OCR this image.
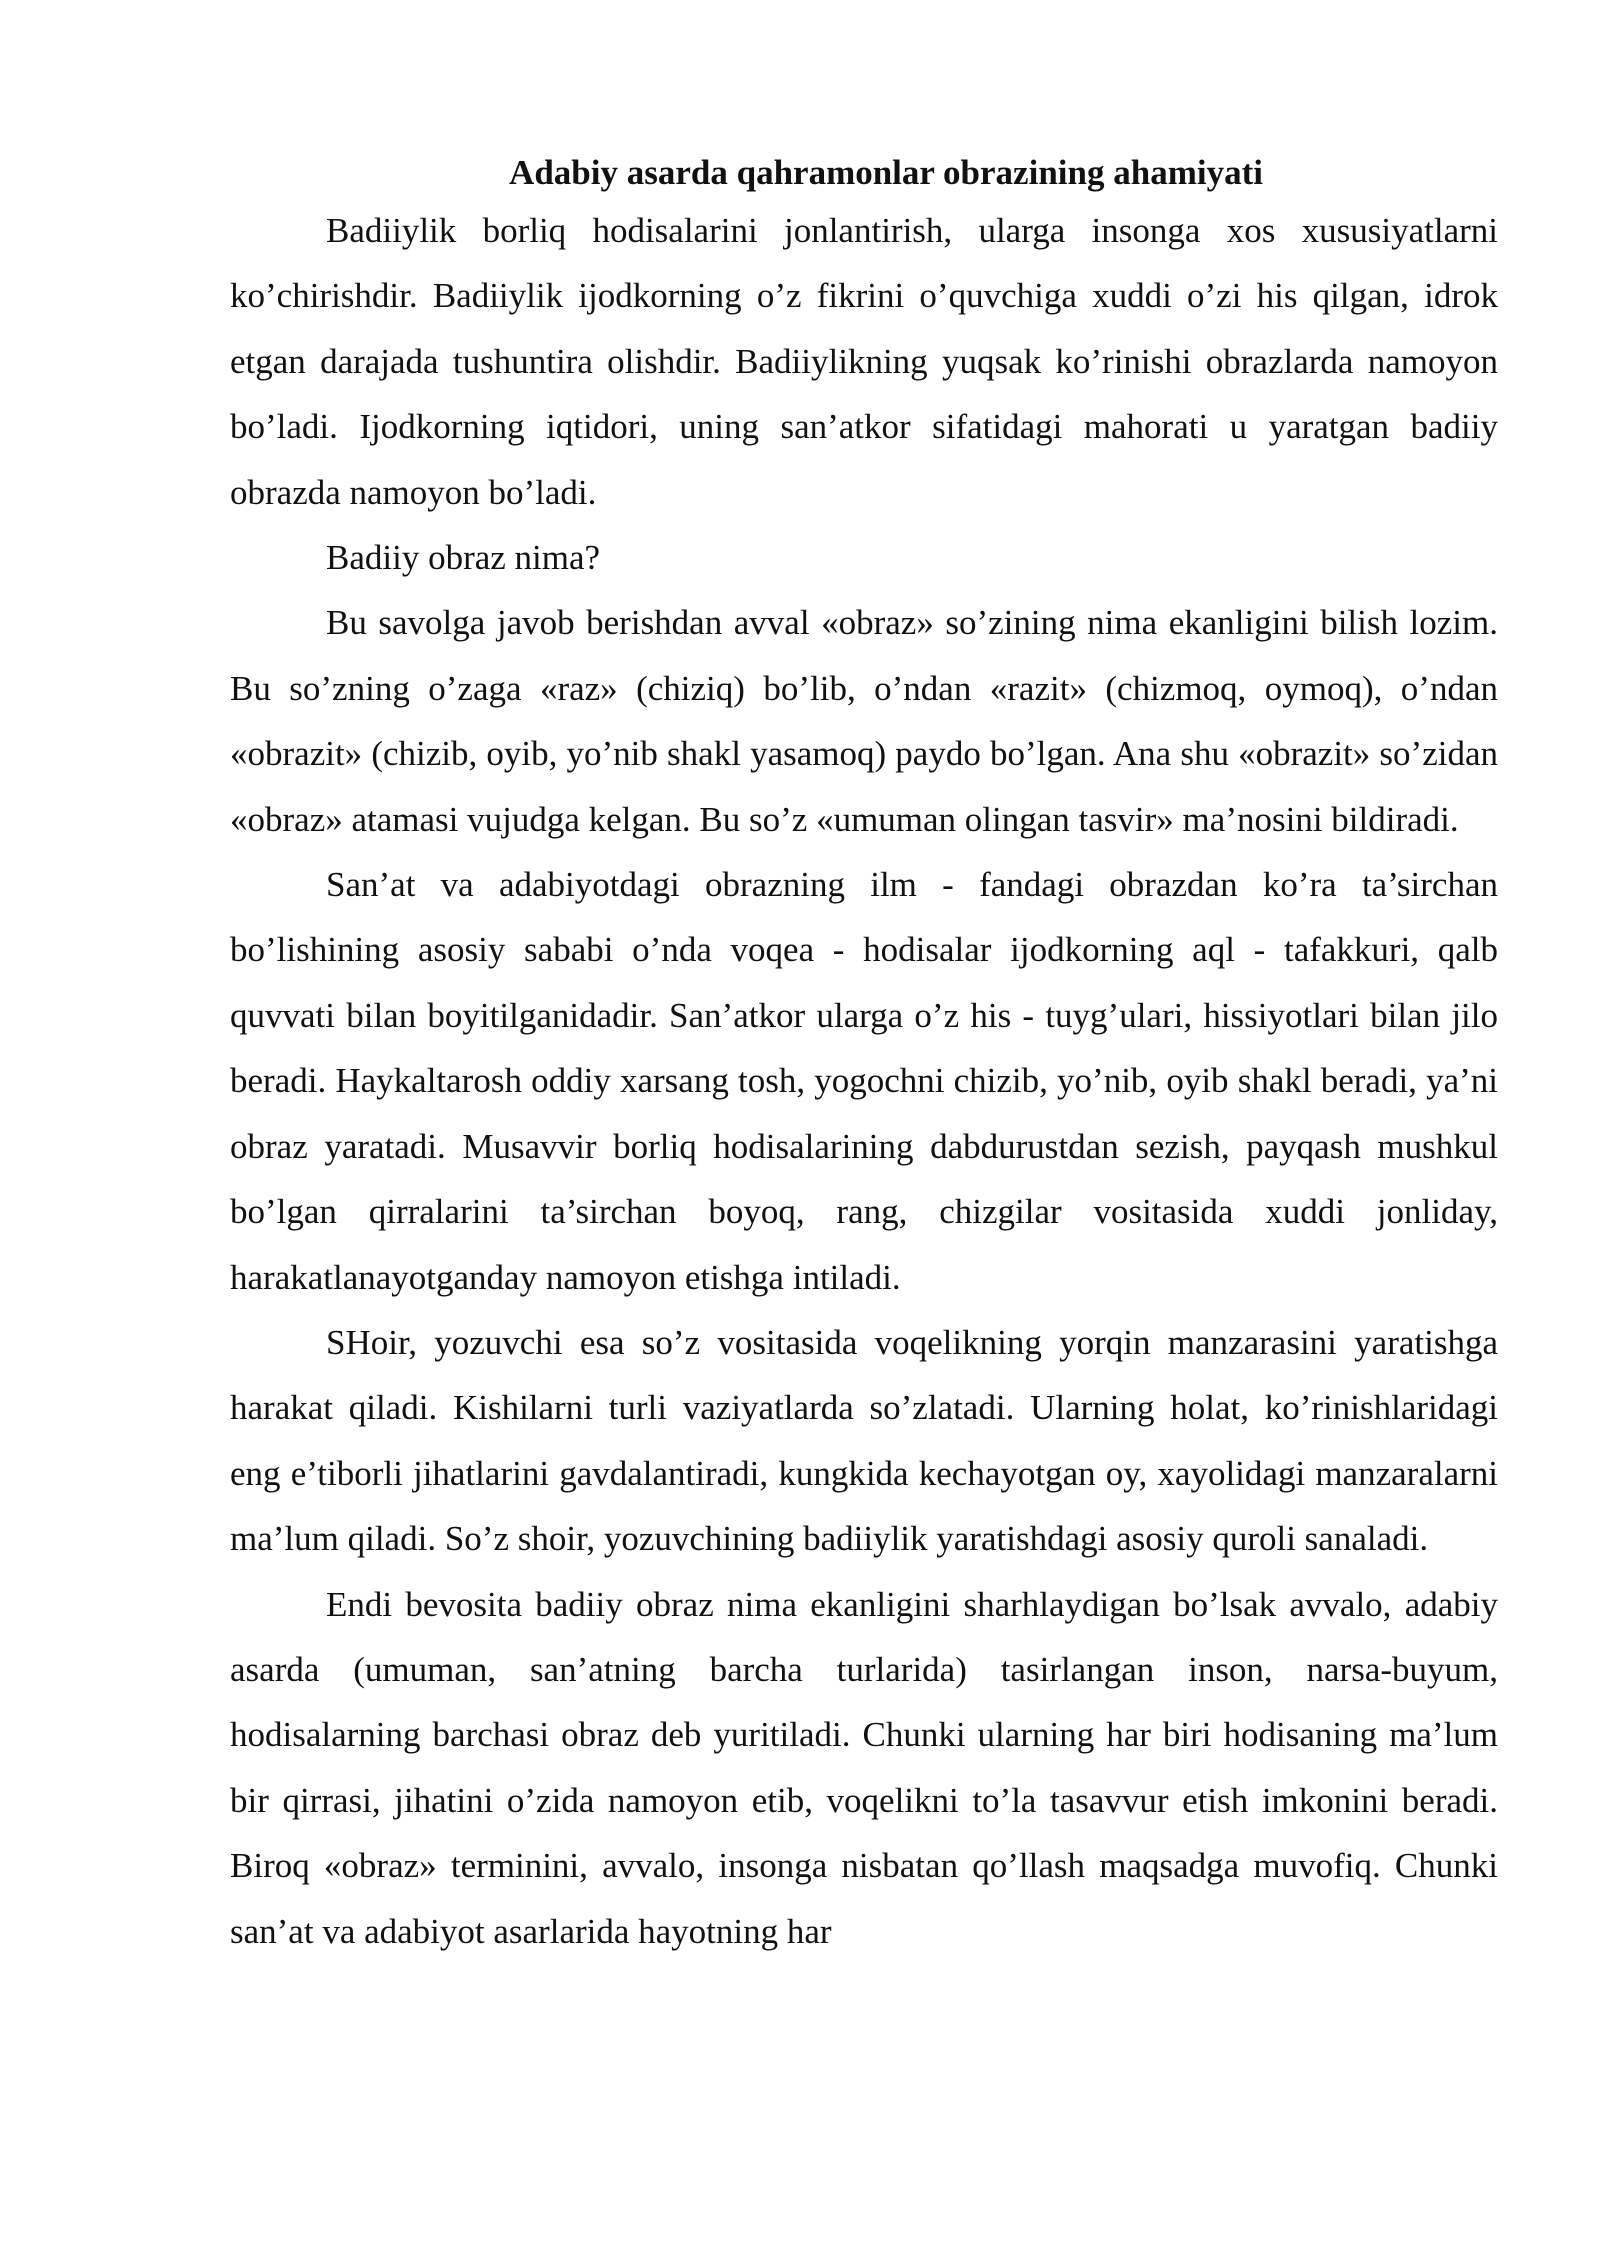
Adabiy asarda qahramonlar obrazining ahamiyati

Badiiylik borliq hodisalarini jonlantirish, ularga insonga xos xususiyatlarni ko’chirishdir. Badiiylik ijodkorning o’z fikrini o’quvchiga xuddi o’zi his qilgan, idrok etgan darajada tushuntira olishdir. Badiiylikning yuqsak ko’rinishi obrazlarda namoyon bo’ladi. Ijodkorning iqtidori, uning san’atkor sifatidagi mahorati u yaratgan badiiy obrazda namoyon bo’ladi.

Badiiy obraz nima?

Bu savolga javob berishdan avval «obraz» so’zining nima ekanligini bilish lozim. Bu so’zning o’zaga «raz» (chiziq) bo’lib, o’ndan «razit» (chizmoq, oymoq), o’ndan «obrazit» (chizib, oyib, yo’nib shakl yasamoq) paydo bo’lgan. Ana shu «obrazit» so’zidan «obraz» atamasi vujudga kelgan. Bu so’z «umuman olingan tasvir» ma’nosini bildiradi.

San’at va adabiyotdagi obrazning ilm - fandagi obrazdan ko’ra ta’sirchan bo’lishining asosiy sababi o’nda voqea - hodisalar ijodkorning aql - tafakkuri, qalb quvvati bilan boyitilganidadir. San’atkor ularga o’z his - tuyg’ulari, hissiyotlari bilan jilo beradi. Haykaltarosh oddiy xarsang tosh, yogochni chizib, yo’nib, oyib shakl beradi, ya’ni obraz yaratadi. Musavvir borliq hodisalarining dabdurustdan sezish, payqash mushkul bo’lgan qirralarini ta’sirchan boyoq, rang, chizgilar vositasida xuddi jonliday, harakatlanayotganday namoyon etishga intiladi.

SHoir, yozuvchi esa so’z vositasida voqelikning yorqin manzarasini yaratishga harakat qiladi. Kishilarni turli vaziyatlarda so’zlatadi. Ularning holat, ko’rinishlaridagi eng e’tiborli jihatlarini gavdalantiradi, kungkida kechayotgan oy, xayolidagi manzaralarni ma’lum qiladi. So’z shoir, yozuvchining badiiylik yaratishdagi asosiy quroli sanaladi.

Endi bevosita badiiy obraz nima ekanligini sharhlaydigan bo’lsak avvalo, adabiy asarda (umuman, san’atning barcha turlarida) tasirlangan inson, narsa-buyum, hodisalarning barchasi obraz deb yuritiladi. Chunki ularning har biri hodisaning ma’lum bir qirrasi, jihatini o’zida namoyon etib, voqelikni to’la tasavvur etish imkonini beradi. Biroq «obraz» terminini, avvalo, insonga nisbatan qo’llash maqsadga muvofiq. Chunki san’at va adabiyot asarlarida hayotning har
